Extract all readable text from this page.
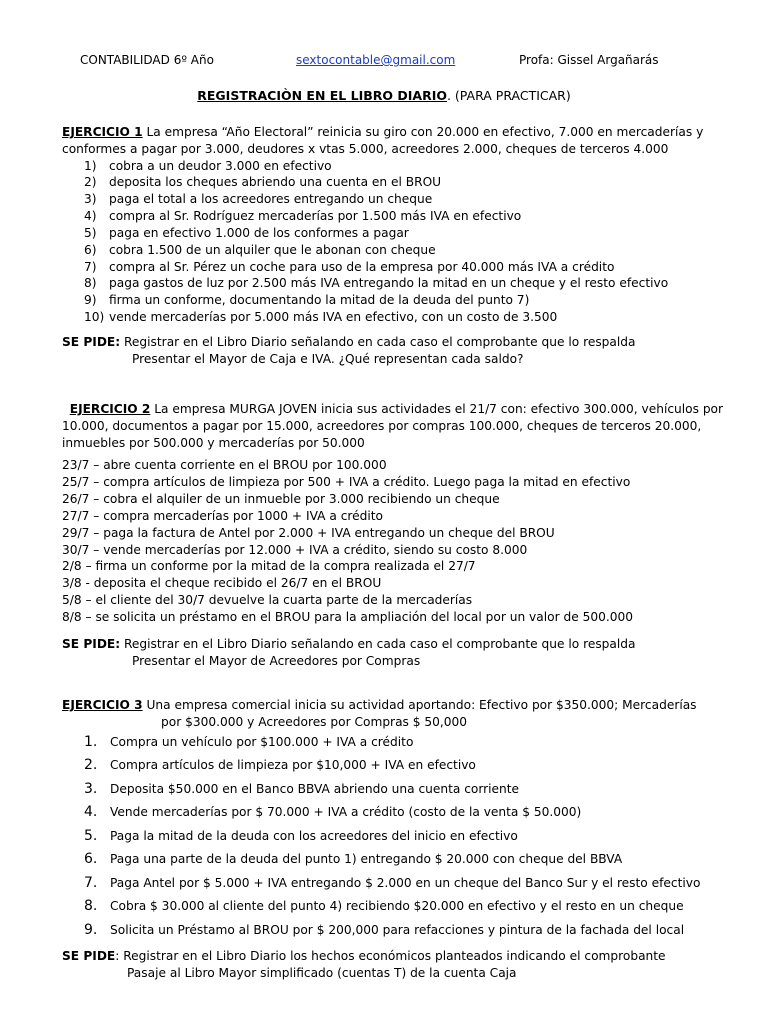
CONTABILIDAD 6º Año	sextocontable@gmail.com	Profa: Gissel Argañarás
REGISTRACIÒN EN EL LIBRO DIARIO. (PARA PRACTICAR)
EJERCICIO 1 La empresa “Año Electoral” reinicia su giro con 20.000 en efectivo, 7.000 en mercaderías y conformes a pagar por 3.000, deudores x vtas 5.000, acreedores 2.000, cheques de terceros 4.000
1) cobra a un deudor 3.000 en efectivo
2) deposita los cheques abriendo una cuenta en el BROU
3) paga el total a los acreedores entregando un cheque
4) compra al Sr. Rodríguez mercaderías por 1.500 más IVA en efectivo
5) paga en efectivo 1.000 de los conformes a pagar
6) cobra 1.500 de un alquiler que le abonan con cheque
7) compra al Sr. Pérez un coche para uso de la empresa por 40.000 más IVA a crédito
8) paga gastos de luz por 2.500 más IVA entregando la mitad en un cheque y el resto efectivo
9) firma un conforme, documentando la mitad de la deuda del punto 7)
10) vende mercaderías por 5.000 más IVA en efectivo, con un costo de 3.500
SE PIDE: Registrar en el Libro Diario señalando en cada caso el comprobante que lo respalda
Presentar el Mayor de Caja e IVA. ¿Qué representan cada saldo?
EJERCICIO 2 La empresa MURGA JOVEN inicia sus actividades el 21/7 con: efectivo 300.000, vehículos por 10.000, documentos a pagar por 15.000, acreedores por compras 100.000, cheques de terceros 20.000, inmuebles por 500.000 y mercaderías por 50.000
23/7 – abre cuenta corriente en el BROU por 100.000
25/7 – compra artículos de limpieza por 500 + IVA a crédito. Luego paga la mitad en efectivo
26/7 – cobra el alquiler de un inmueble por 3.000 recibiendo un cheque
27/7 – compra mercaderías por 1000 + IVA a crédito
29/7 – paga la factura de Antel por 2.000 + IVA entregando un cheque del BROU
30/7 – vende mercaderías por 12.000 + IVA a crédito, siendo su costo 8.000
2/8 – firma un conforme por la mitad de la compra realizada el 27/7
3/8 - deposita el cheque recibido el 26/7 en el BROU
5/8 – el cliente del 30/7 devuelve la cuarta parte de la mercaderías
8/8 – se solicita un préstamo en el BROU para la ampliación del local por un valor de 500.000
SE PIDE: Registrar en el Libro Diario señalando en cada caso el comprobante que lo respalda
Presentar el Mayor de Acreedores por Compras
EJERCICIO 3 Una empresa comercial inicia su actividad aportando: Efectivo por $350.000; Mercaderías
por $300.000 y Acreedores por Compras $ 50,000
1. Compra un vehículo por $100.000 + IVA a crédito
2. Compra artículos de limpieza por $10,000 + IVA en efectivo
3. Deposita $50.000 en el Banco BBVA abriendo una cuenta corriente
4. Vende mercaderías por $ 70.000 + IVA a crédito (costo de la venta $ 50.000)
5. Paga la mitad de la deuda con los acreedores del inicio en efectivo
6. Paga una parte de la deuda del punto 1) entregando $ 20.000 con cheque del BBVA
7. Paga Antel por $ 5.000 + IVA entregando $ 2.000 en un cheque del Banco Sur y el resto efectivo
8. Cobra $ 30.000 al cliente del punto 4) recibiendo $20.000 en efectivo y el resto en un cheque
9. Solicita un Préstamo al BROU por $ 200,000 para refacciones y pintura de la fachada del local
SE PIDE: Registrar en el Libro Diario los hechos económicos planteados indicando el comprobante
Pasaje al Libro Mayor simplificado (cuentas T) de la cuenta Caja
